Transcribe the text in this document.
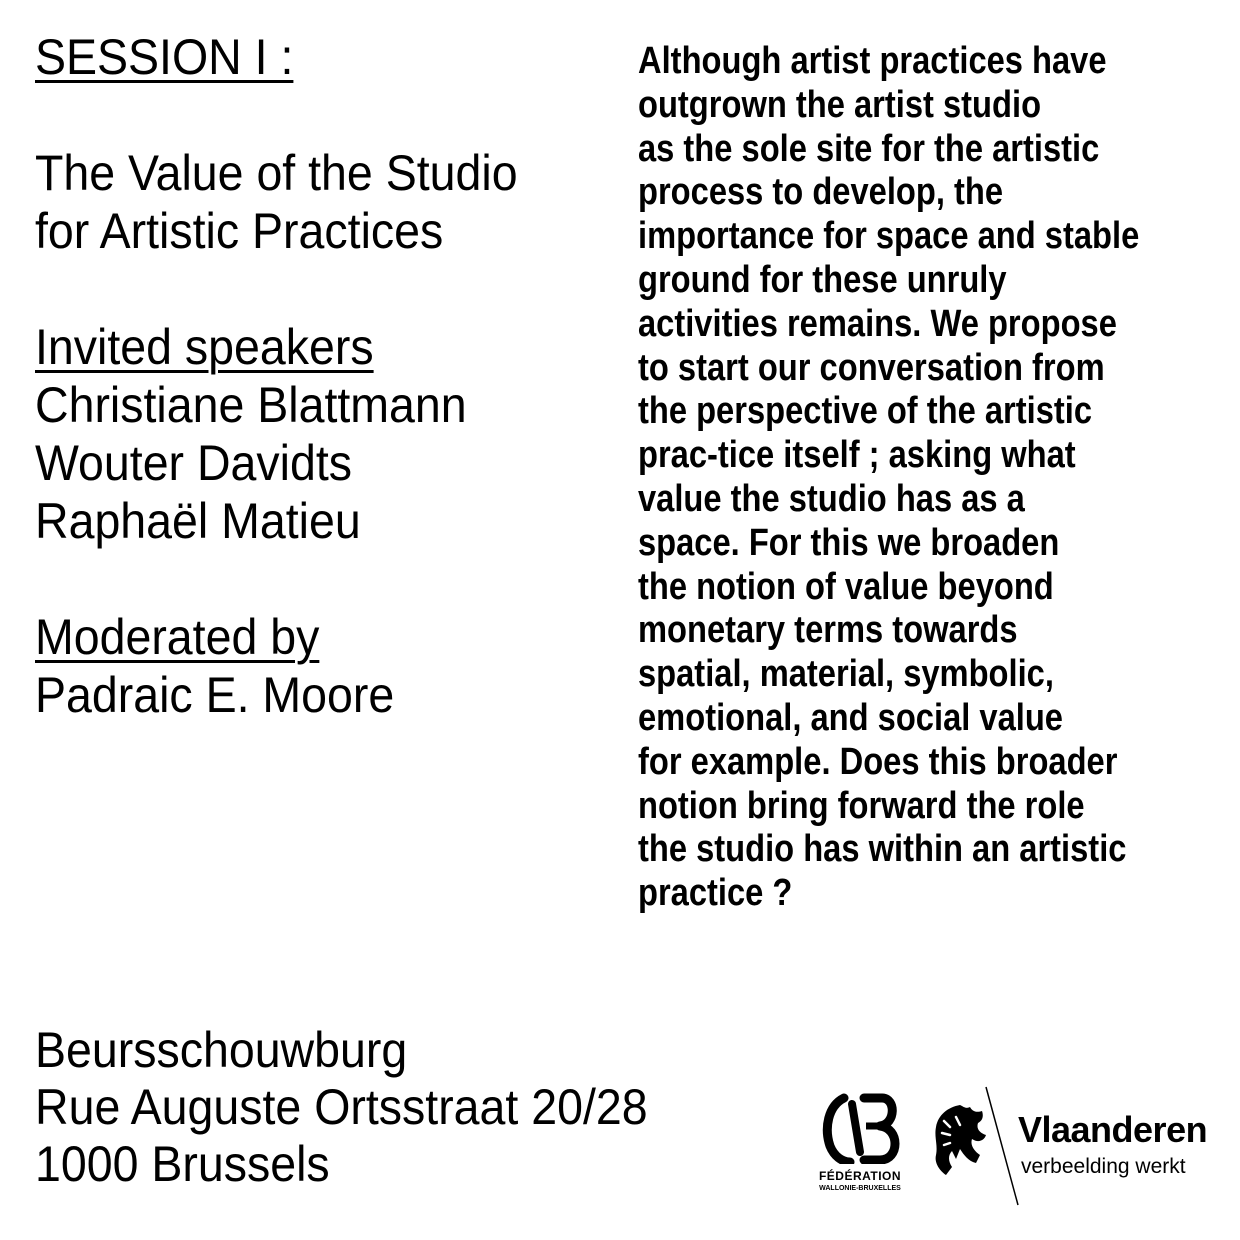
SESSION I :
The Value of the Studio
for Artistic Practices
Invited speakers
Christiane Blattmann
Wouter Davidts
Raphaël Matieu
Moderated by
Padraic E. Moore
Although artist practices have
outgrown the artist studio
as the sole site for the artistic
process to develop, the
importance for space and stable
ground for these unruly
activities remains. We propose
to start our conversation from
the perspective of the artistic
prac-tice itself ; asking what
value the studio has as a
space. For this we broaden
the notion of value beyond
monetary terms towards
spatial, material, symbolic,
emotional, and social value
for example. Does this broader
notion bring forward the role
the studio has within an artistic
practice ?
Beursschouwburg
Rue Auguste Ortsstraat 20/28
1000 Brussels	FÉDÉRATION
WALLONIE-BRUXELLES
Vlaanderen
verbeelding werkt
